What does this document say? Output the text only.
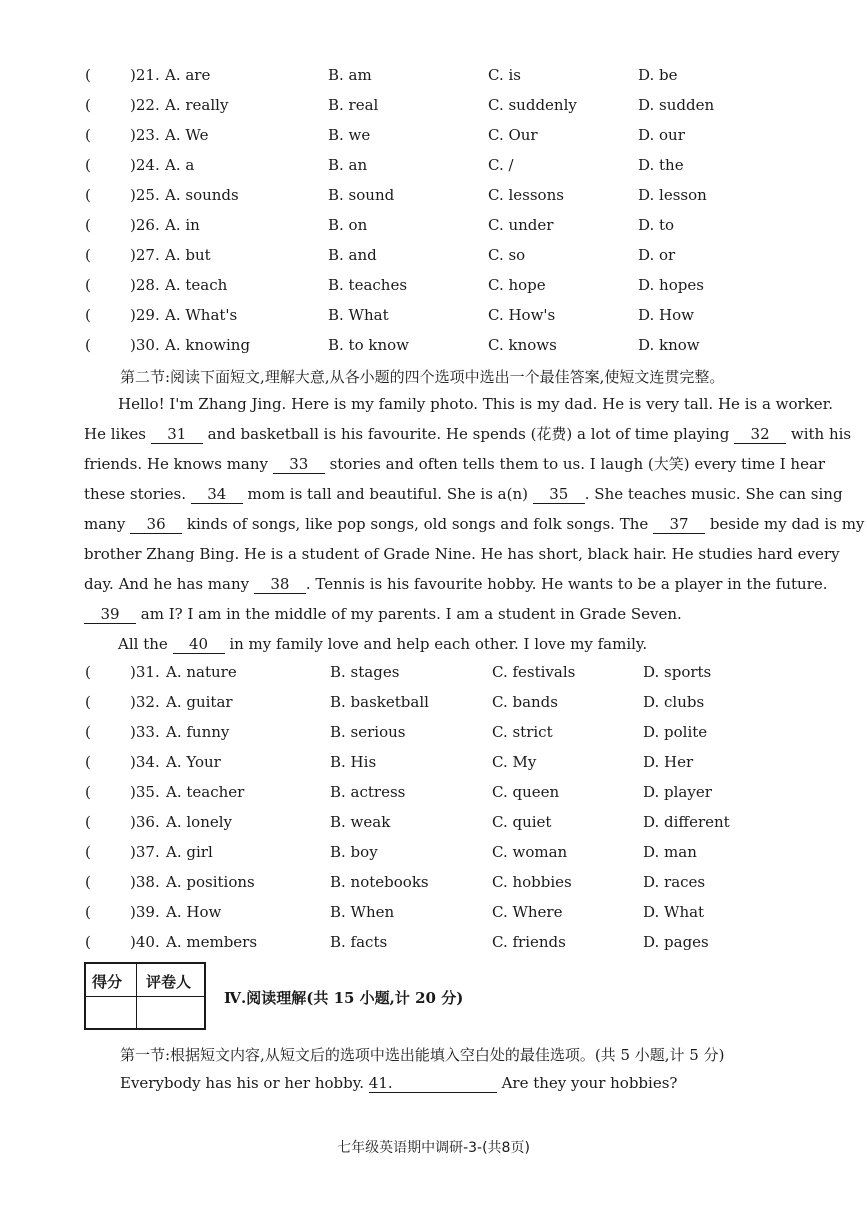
(	)21. A. are	B. am	C. is	D. be
(	)22. A. really	B. real	C. suddenly	D. sudden
(	)23. A. We	B. we	C. Our	D. our
(	)24. A. a	B. an	C. /	D. the
(	)25. A. sounds	B. sound	C. lessons	D. lesson
(	)26. A. in	B. on	C. under	D. to
(	)27. A. but	B. and	C. so	D. or
(	)28. A. teach	B. teaches	C. hope	D. hopes
(	)29. A. What's	B. What	C. How's	D. How
(	)30. A. knowing	B. to know	C. knows	D. know
第二节:阅读下面短文,理解大意,从各小题的四个选项中选出一个最佳答案,使短文连贯完整。
Hello! I'm Zhang Jing. Here is my family photo. This is my dad. He is very tall. He is a worker.
He likes 31 and basketball is his favourite. He spends (花费) a lot of time playing 32 with his
friends. He knows many 33 stories and often tells them to us. I laugh (大笑) every time I hear
these stories. 34 mom is tall and beautiful. She is a(n) 35 . She teaches music. She can sing
many 36 kinds of songs, like pop songs, old songs and folk songs. The 37 beside my dad is my
brother Zhang Bing. He is a student of Grade Nine. He has short, black hair. He studies hard every
day. And he has many 38 . Tennis is his favourite hobby. He wants to be a player in the future.
39 am I? I am in the middle of my parents. I am a student in Grade Seven.
All the 40 in my family love and help each other. I love my family.
(	)31. A. nature	B. stages	C. festivals	D. sports
(	)32. A. guitar	B. basketball	C. bands	D. clubs
(	)33. A. funny	B. serious	C. strict	D. polite
(	)34. A. Your	B. His	C. My	D. Her
(	)35. A. teacher	B. actress	C. queen	D. player
(	)36. A. lonely	B. weak	C. quiet	D. different
(	)37. A. girl	B. boy	C. woman	D. man
(	)38. A. positions	B. notebooks	C. hobbies	D. races
(	)39. A. How	B. When	C. Where	D. What
(	)40. A. members	B. facts	C. friends	D. pages
得分 评卷人
Ⅳ.阅读理解(共 15 小题,计 20 分)
第一节:根据短文内容,从短文后的选项中选出能填入空白处的最佳选项。(共 5 小题,计 5 分)
Everybody has his or her hobby. 41.	Are they your hobbies?
七年级英语期中调研-3-(共8页)
